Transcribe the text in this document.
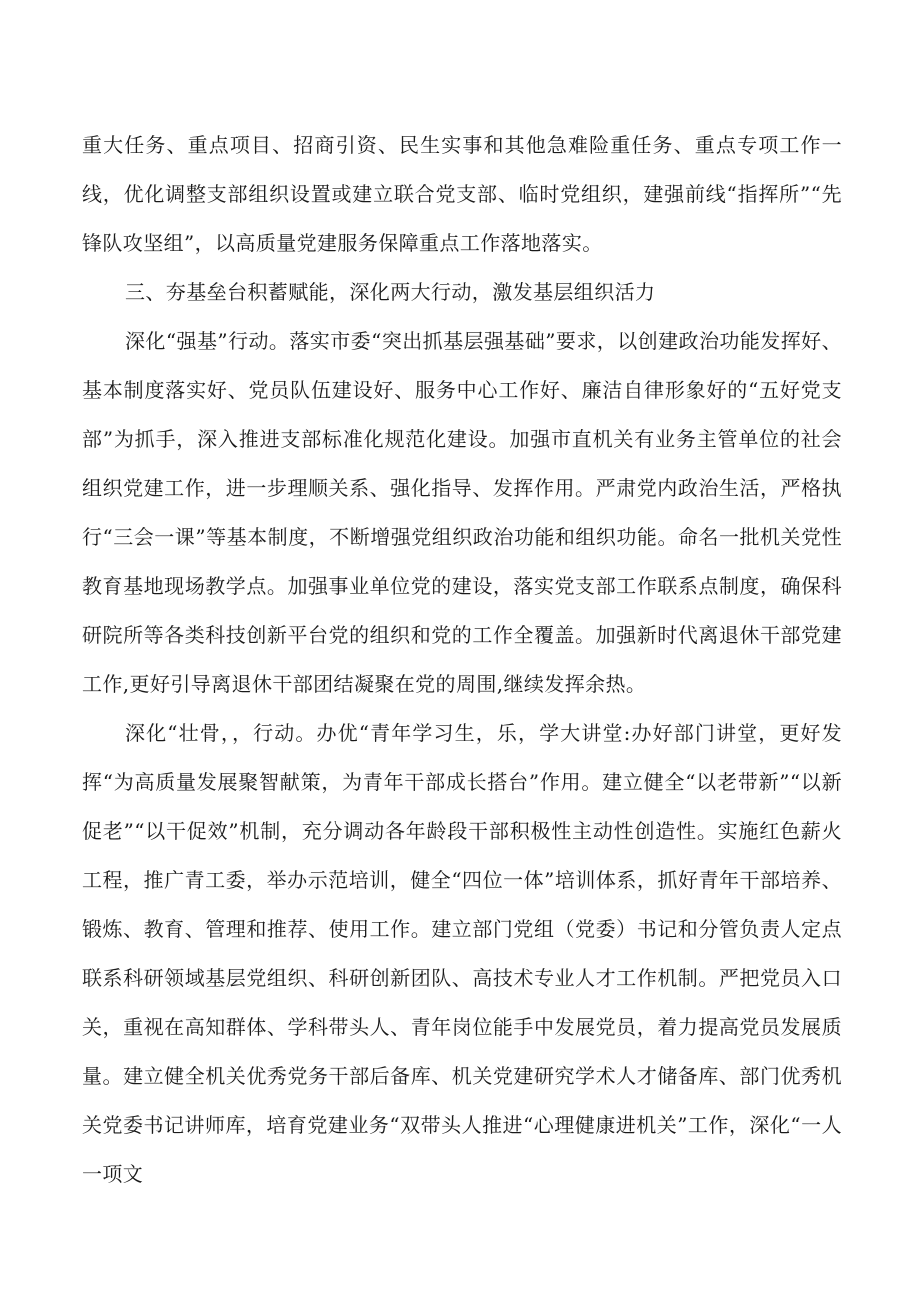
重大任务、重点项目、招商引资、民生实事和其他急难险重任务、重点专项工作一线，优化调整支部组织设置或建立联合党支部、临时党组织，建强前线“指挥所”“先锋队攻坚组”，以高质量党建服务保障重点工作落地落实。

三、夯基垒台积蓄赋能，深化两大行动，激发基层组织活力

深化“强基”行动。落实市委“突出抓基层强基础”要求，以创建政治功能发挥好、基本制度落实好、党员队伍建设好、服务中心工作好、廉洁自律形象好的“五好党支部”为抓手，深入推进支部标准化规范化建设。加强市直机关有业务主管单位的社会组织党建工作，进一步理顺关系、强化指导、发挥作用。严肃党内政治生活，严格执行“三会一课”等基本制度，不断增强党组织政治功能和组织功能。命名一批机关党性教育基地现场教学点。加强事业单位党的建设，落实党支部工作联系点制度，确保科研院所等各类科技创新平台党的组织和党的工作全覆盖。加强新时代离退休干部党建工作,更好引导离退休干部团结凝聚在党的周围,继续发挥余热。

深化“壮骨，，行动。办优“青年学习生，乐，学大讲堂:办好部门讲堂，更好发挥“为高质量发展聚智献策，为青年干部成长搭台”作用。建立健全“以老带新”“以新促老”“以干促效”机制，充分调动各年龄段干部积极性主动性创造性。实施红色薪火工程，推广青工委，举办示范培训，健全“四位一体”培训体系，抓好青年干部培养、锻炼、教育、管理和推荐、使用工作。建立部门党组（党委）书记和分管负责人定点联系科研领域基层党组织、科研创新团队、高技术专业人才工作机制。严把党员入口关，重视在高知群体、学科带头人、青年岗位能手中发展党员，着力提高党员发展质量。建立健全机关优秀党务干部后备库、机关党建研究学术人才储备库、部门优秀机关党委书记讲师库，培育党建业务“双带头人推进“心理健康进机关”工作，深化“一人一项文
